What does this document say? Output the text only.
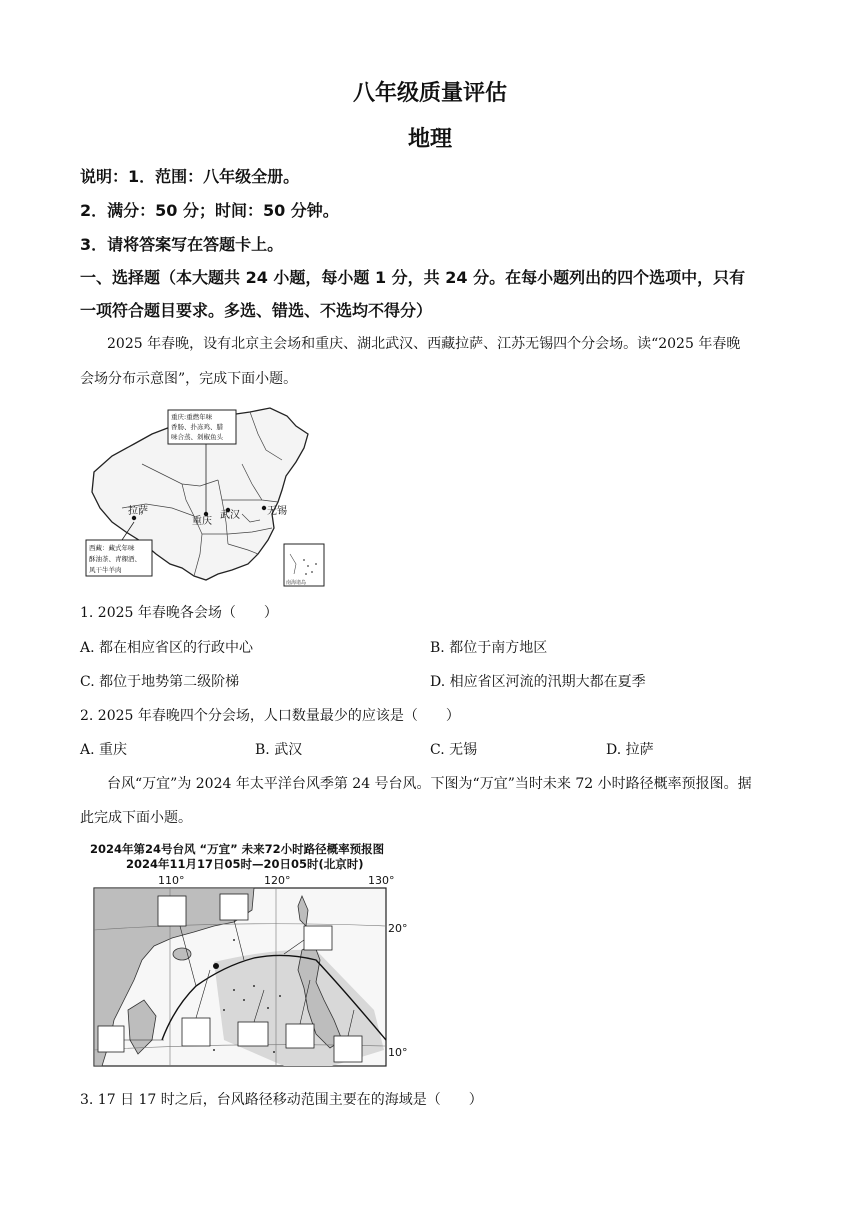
八年级质量评估
地理
说明：1．范围：八年级全册。
2．满分：50 分；时间：50 分钟。
3．请将答案写在答题卡上。
一、选择题（本大题共 24 小题，每小题 1 分，共 24 分。在每小题列出的四个选项中，只有
一项符合题目要求。多选、错选、不选均不得分）
2025 年春晚，设有北京主会场和重庆、湖北武汉、西藏拉萨、江苏无锡四个分会场。读“2025 年春晚
会场分布示意图”，完成下面小题。
南海诸岛
重庆:重燃年味
香肠、扑冻鸡、腊
味合蒸、剁椒鱼头
西藏：藏式年味
酥油茶、青稞酒、
风干牛羊肉
拉萨
重庆
武汉	无锡
1. 2025 年春晚各会场（　　）
A. 都在相应省区的行政中心	B. 都位于南方地区
C. 都位于地势第二级阶梯	D. 相应省区河流的汛期大都在夏季
2. 2025 年春晚四个分会场，人口数量最少的应该是（　　）
A. 重庆	B. 武汉	C. 无锡	D. 拉萨
台风“万宜”为 2024 年太平洋台风季第 24 号台风。下图为“万宜”当时未来 72 小时路径概率预报图。据
此完成下面小题。
2024年第24号台风 “万宜” 未来72小时路径概率预报图
2024年11月17日05时—20日05时(北京时)
110°	120°	130°
20°
10°
3. 17 日 17 时之后，台风路径移动范围主要在的海域是（　　）
